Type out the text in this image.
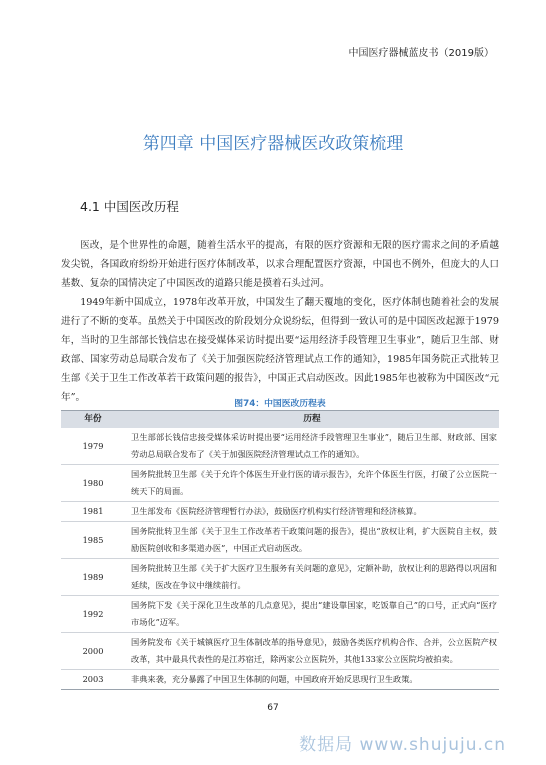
中国医疗器械蓝皮书（2019版）
第四章 中国医疗器械医改政策梳理
4.1 中国医改历程

医改，是个世界性的命题，随着生活水平的提高，有限的医疗资源和无限的医疗需求之间的矛盾越发尖锐，各国政府纷纷开始进行医疗体制改革，以求合理配置医疗资源，中国也不例外，但庞大的人口基数、复杂的国情决定了中国医改的道路只能是摸着石头过河。

1949年新中国成立，1978年改革开放，中国发生了翻天覆地的变化，医疗体制也随着社会的发展进行了不断的变革。虽然关于中国医改的阶段划分众说纷纭，但得到一致认可的是中国医改起源于1979年，当时的卫生部部长钱信忠在接受媒体采访时提出要“运用经济手段管理卫生事业”，随后卫生部、财政部、国家劳动总局联合发布了《关于加强医院经济管理试点工作的通知》，1985年国务院正式批转卫生部《关于卫生工作改革若干政策问题的报告》，中国正式启动医改。因此1985年也被称为中国医改“元年”。

图74：中国医改历程表
年份	历程
1979	卫生部部长钱信忠接受媒体采访时提出要“运用经济手段管理卫生事业”，随后卫生部、财政部、国家劳动总局联合发布了《关于加强医院经济管理试点工作的通知》。
1980	国务院批转卫生部《关于允许个体医生开业行医的请示报告》，允许个体医生行医，打破了公立医院一统天下的局面。
1981	卫生部发布《医院经济管理暂行办法》，鼓励医疗机构实行经济管理和经济核算。
1985	国务院批转卫生部《关于卫生工作改革若干政策问题的报告》，提出“放权让利，扩大医院自主权，鼓励医院创收和多渠道办医”，中国正式启动医改。
1989	国务院批转卫生部《关于扩大医疗卫生服务有关问题的意见》，定额补助，放权让利的思路得以巩固和延续，医改在争议中继续前行。
1992	国务院下发《关于深化卫生改革的几点意见》，提出“建设靠国家，吃饭靠自己”的口号，正式向“医疗市场化”迈军。
2000	国务院发布《关于城镇医疗卫生体制改革的指导意见》，鼓励各类医疗机构合作、合并，公立医院产权改革，其中最具代表性的是江苏宿迁，除两家公立医院外，其他133家公立医院均被拍卖。
2003	非典来袭，充分暴露了中国卫生体制的问题，中国政府开始反思现行卫生政策。
67
数据局 www.shujuju.cn
